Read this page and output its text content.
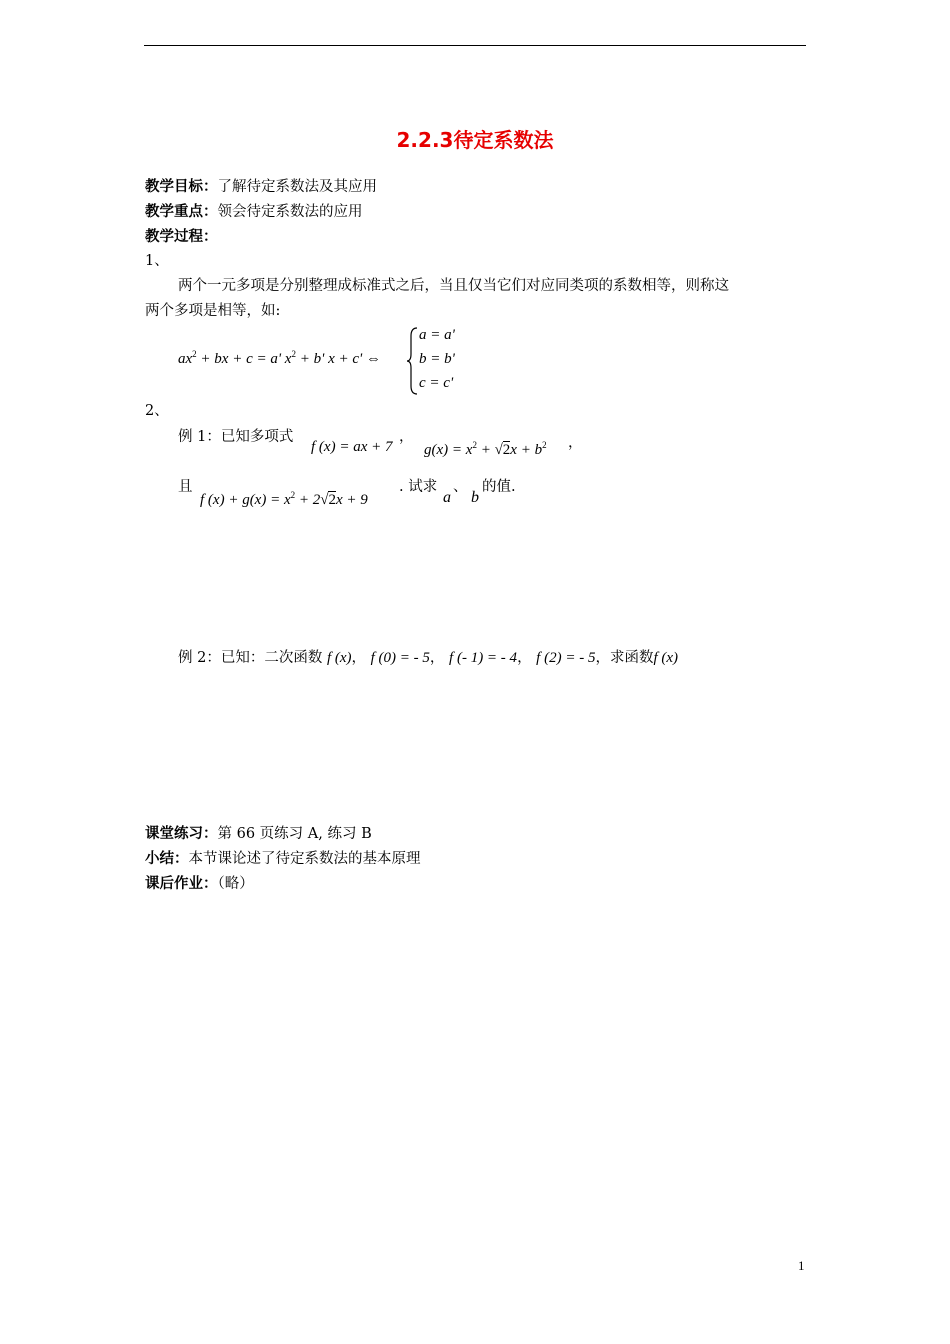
2.2.3待定系数法
教学目标：了解待定系数法及其应用
教学重点：领会待定系数法的应用
教学过程：
1、
两个一元多项是分别整理成标准式之后，当且仅当它们对应同类项的系数相等，则称这
两个多项是相等，如:
$ax^2$ + bx + c = a' $x^2 + b'$ x + c' ⇔
a = a'
b = b'
c = c'
2、
例 1：已知多项式
f (x) = ax + 7
，
$g(x) = x^2 + √2x + b^2$ ，
且
f $(x) + g(x) = x^2 + 2√2x + 9$
. 试求
a
、
b
的值.
例 2：已知：二次函数 f (x)， f (0) = - 5， f (- 1) = - 4， f (2) = - 5，求函数f (x)
课堂练习：第 66 页练习 A, 练习 B
小结：本节课论述了待定系数法的基本原理
课后作业：（略）
1
